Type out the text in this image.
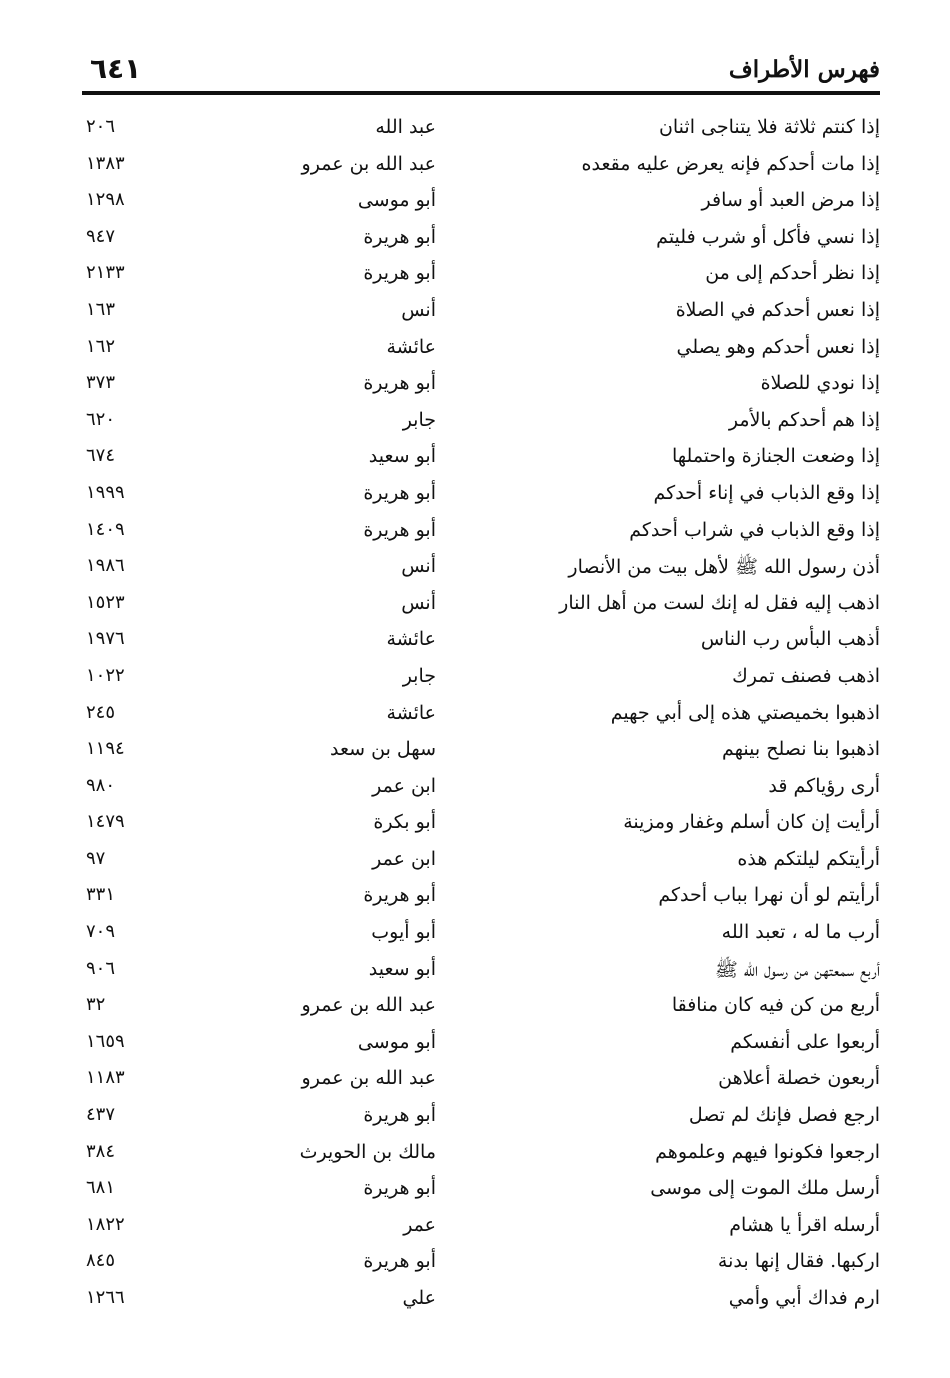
فهرس الأطراف
٦٤١
إذا كنتم ثلاثة فلا يتناجى اثنان
عبد الله
٢٠٦
إذا مات أحدكم فإنه يعرض عليه مقعده
عبد الله بن عمرو
١٣٨٣
إذا مرض العبد أو سافر
أبو موسى
١٢٩٨
إذا نسي فأكل أو شرب فليتم
أبو هريرة
٩٤٧
إذا نظر أحدكم إلى من
أبو هريرة
٢١٣٣
إذا نعس أحدكم في الصلاة
أنس
١٦٣
إذا نعس أحدكم وهو يصلي
عائشة
١٦٢
إذا نودي للصلاة
أبو هريرة
٣٧٣
إذا هم أحدكم بالأمر
جابر
٦٢٠
إذا وضعت الجنازة واحتملها
أبو سعيد
٦٧٤
إذا وقع الذباب في إناء أحدكم
أبو هريرة
١٩٩٩
إذا وقع الذباب في شراب أحدكم
أبو هريرة
١٤٠٩
أذن رسول الله ﷺ لأهل بيت من الأنصار
أنس
١٩٨٦
اذهب إليه فقل له إنك لست من أهل النار
أنس
١٥٢٣
أذهب البأس رب الناس
عائشة
١٩٧٦
اذهب فصنف تمرك
جابر
١٠٢٢
اذهبوا بخميصتي هذه إلى أبي جهيم
عائشة
٢٤٥
اذهبوا بنا نصلح بينهم
سهل بن سعد
١١٩٤
أرى رؤياكم قد
ابن عمر
٩٨٠
أرأيت إن كان أسلم وغفار ومزينة
أبو بكرة
١٤٧٩
أرأيتكم ليلتكم هذه
ابن عمر
٩٧
أرأيتم لو أن نهرا بباب أحدكم
أبو هريرة
٣٣١
أرب ما له ، تعبد الله
أبو أيوب
٧٠٩
أربع سمعتهن من رسول الله ﷺ
أبو سعيد
٩٠٦
أربع من كن فيه كان منافقا
عبد الله بن عمرو
٣٢
أربعوا على أنفسكم
أبو موسى
١٦٥٩
أربعون خصلة أعلاهن
عبد الله بن عمرو
١١٨٣
ارجع فصل فإنك لم تصل
أبو هريرة
٤٣٧
ارجعوا فكونوا فيهم وعلموهم
مالك بن الحويرث
٣٨٤
أرسل ملك الموت إلى موسى
أبو هريرة
٦٨١
أرسله اقرأ يا هشام
عمر
١٨٢٢
اركبها. فقال إنها بدنة
أبو هريرة
٨٤٥
ارم فداك أبي وأمي
علي
١٢٦٦
